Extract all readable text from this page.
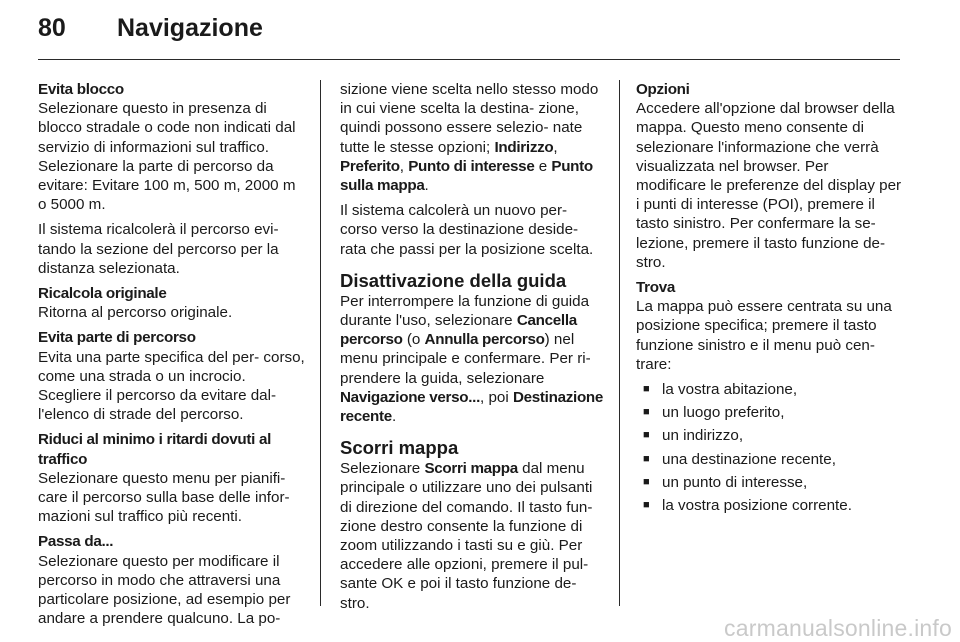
80 Navigazione
Evita blocco

Selezionare questo in presenza di blocco stradale o code non indicati dal servizio di informazioni sul traffico. Selezionare la parte di percorso da evitare: Evitare 100 m, 500 m, 2000 m o 5000 m.

Il sistema ricalcolerà il percorso evi- tando la sezione del percorso per la distanza selezionata.

Ricalcola originale

Ritorna al percorso originale.

Evita parte di percorso

Evita una parte specifica del per- corso, come una strada o un incrocio. Scegliere il percorso da evitare dal- l'elenco di strade del percorso.

Riduci al minimo i ritardi dovuti al traffico

Selezionare questo menu per pianifi- care il percorso sulla base delle infor- mazioni sul traffico più recenti.

Passa da...

Selezionare questo per modificare il percorso in modo che attraversi una particolare posizione, ad esempio per andare a prendere qualcuno. La po-

sizione viene scelta nello stesso modo in cui viene scelta la destina- zione, quindi possono essere selezio- nate tutte le stesse opzioni; Indirizzo, Preferito, Punto di interesse e Punto sulla mappa.

Il sistema calcolerà un nuovo per- corso verso la destinazione deside- rata che passi per la posizione scelta.

Disattivazione della guida

Per interrompere la funzione di guida durante l'uso, selezionare Cancella percorso (o Annulla percorso) nel menu principale e confermare. Per ri- prendere la guida, selezionare Navigazione verso..., poi Destinazione recente.

Scorri mappa

Selezionare Scorri mappa dal menu principale o utilizzare uno dei pulsanti di direzione del comando. Il tasto fun- zione destro consente la funzione di zoom utilizzando i tasti su e giù. Per accedere alle opzioni, premere il pul- sante OK e poi il tasto funzione de- stro.

Opzioni

Accedere all'opzione dal browser della mappa. Questo meno consente di selezionare l'informazione che verrà visualizzata nel browser. Per modificare le preferenze del display per i punti di interesse (POI), premere il tasto sinistro. Per confermare la se- lezione, premere il tasto funzione de- stro.

Trova

La mappa può essere centrata su una posizione specifica; premere il tasto funzione sinistro e il menu può cen- trare:

■ la vostra abitazione,
■ un luogo preferito,
■ un indirizzo,
■ una destinazione recente,
■ un punto di interesse,
■ la vostra posizione corrente.
carmanualsonline.info
